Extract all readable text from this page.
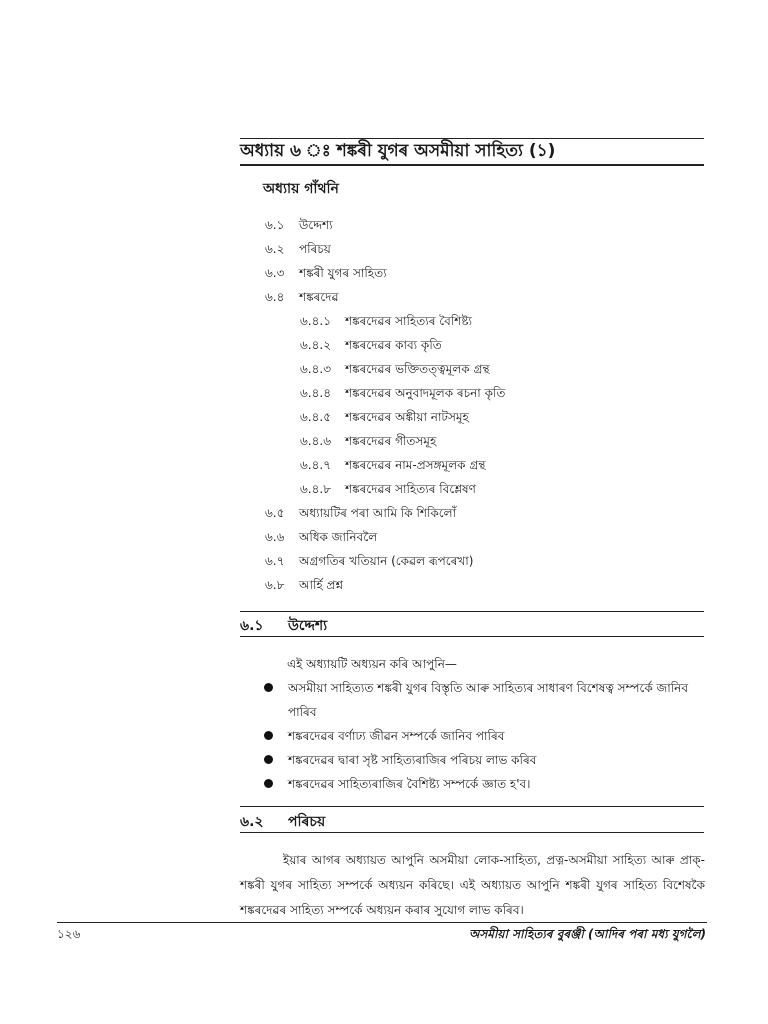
অধ্যায় ৬ ঃ শঙ্কৰী যুগৰ অসমীয়া সাহিত্য (১)
অধ্যায় গাঁথনি
৬.১ উদ্দেশ্য
৬.২ পৰিচয়
৬.৩ শঙ্কৰী যুগৰ সাহিত্য
৬.৪ শঙ্কৰদেৱ
৬.৪.১ শঙ্কৰদেৱৰ সাহিত্যৰ বৈশিষ্ট্য
৬.৪.২ শঙ্কৰদেৱৰ কাব্য কৃতি
৬.৪.৩ শঙ্কৰদেৱৰ ভক্তিতত্ত্বমূলক গ্ৰন্থ
৬.৪.৪ শঙ্কৰদেৱৰ অনুবাদমূলক ৰচনা কৃতি
৬.৪.৫ শঙ্কৰদেৱৰ অঙ্কীয়া নাটসমূহ
৬.৪.৬ শঙ্কৰদেৱৰ গীতসমূহ
৬.৪.৭ শঙ্কৰদেৱৰ নাম-প্ৰসঙ্গমূলক গ্ৰন্থ
৬.৪.৮ শঙ্কৰদেৱৰ সাহিত্যৰ বিশ্লেষণ
৬.৫ অধ্যায়টিৰ পৰা আমি কি শিকিলোঁ
৬.৬ অধিক জানিবলৈ
৬.৭ অগ্ৰগতিৰ খতিয়ান (কেৱল ৰূপৰেখা)
৬.৮ আৰ্হি প্ৰশ্ন
৬.১ উদ্দেশ্য
এই অধ্যায়টি অধ্যয়ন কৰি আপুনি—
অসমীয়া সাহিত্যত শঙ্কৰী যুগৰ বিস্তৃতি আৰু সাহিত্যৰ সাধাৰণ বিশেষত্ব সম্পৰ্কে জানিব পাৰিব
শঙ্কৰদেৱৰ বৰ্ণাঢ্য জীৱন সম্পৰ্কে জানিব পাৰিব
শঙ্কৰদেৱৰ দ্বাৰা সৃষ্ট সাহিত্যৰাজিৰ পৰিচয় লাভ কৰিব
শঙ্কৰদেৱৰ সাহিত্যৰাজিৰ বৈশিষ্ট্য সম্পৰ্কে জ্ঞাত হ'ব।
৬.২ পৰিচয়

ইয়াৰ আগৰ অধ্যায়ত আপুনি অসমীয়া লোক-সাহিত্য, প্ৰত্ন-অসমীয়া সাহিত্য আৰু প্ৰাক্-শঙ্কৰী যুগৰ সাহিত্য সম্পৰ্কে অধ্যয়ন কৰিছে। এই অধ্যায়ত আপুনি শঙ্কৰী যুগৰ সাহিত্য বিশেষকৈ শঙ্কৰদেৱৰ সাহিত্য সম্পৰ্কে অধ্যয়ন কৰাৰ সুযোগ লাভ কৰিব।

১২৬	অসমীয়া সাহিত্যৰ বুৰঞ্জী (আদিৰ পৰা মধ্য যুগলৈ)
